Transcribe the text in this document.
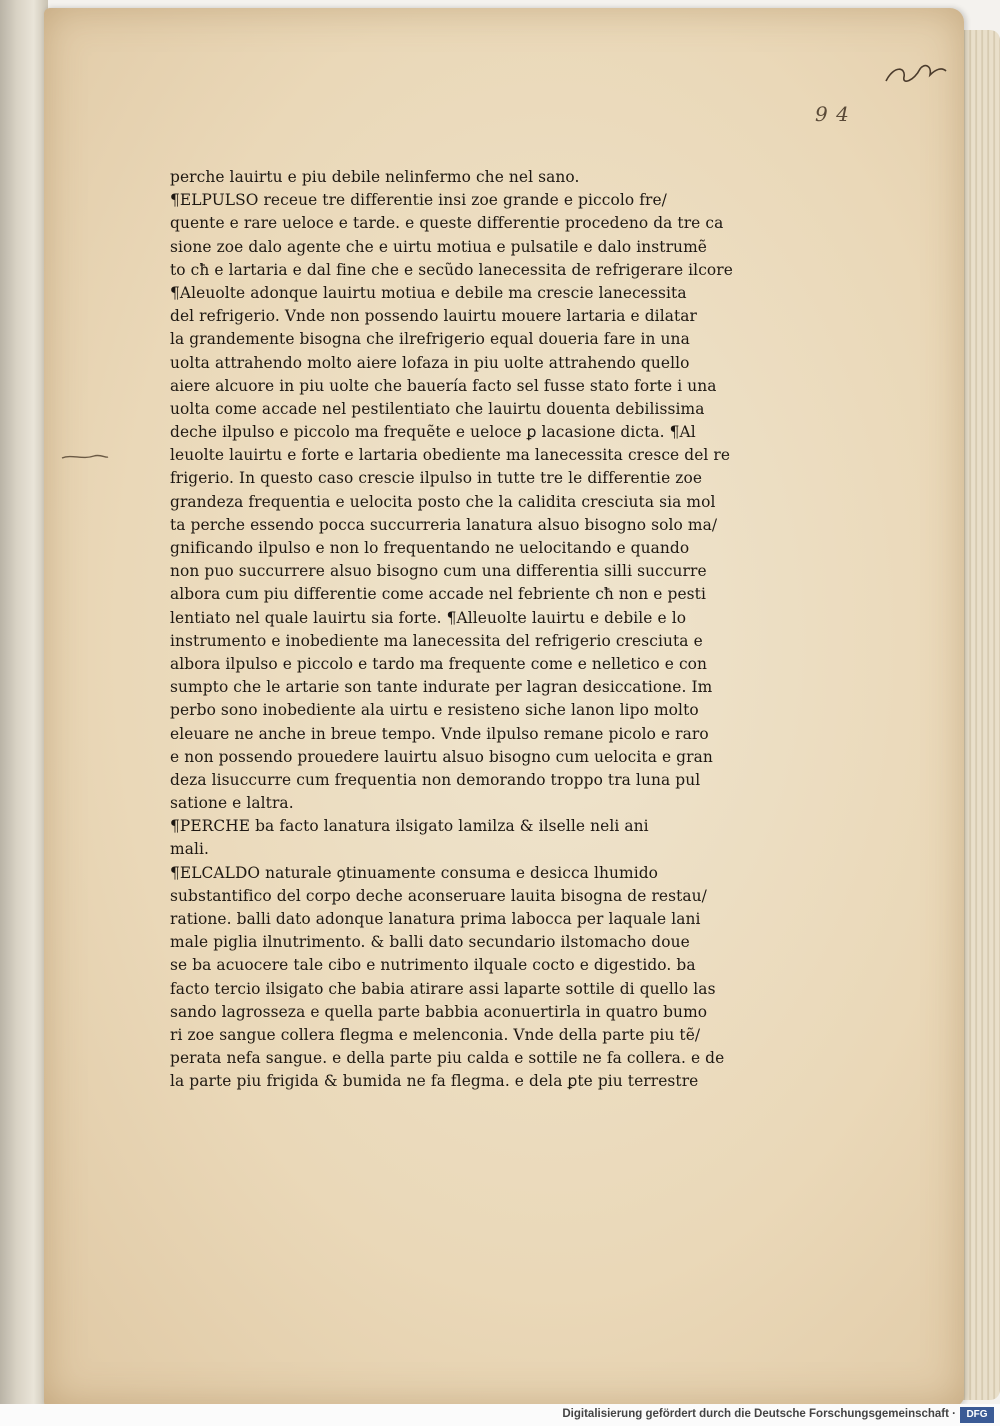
9 4
perche lauirtu e piu debile nelinfermo che nel sano.
¶ELPULSO receue tre differentie insi zoe grande e piccolo fre/
quente e rare ueloce e tarde. e queste differentie procedeno da tre ca
sione zoe dalo agente che e uirtu motiua e pulsatile e dalo instrumẽ
to cħ e lartaria e dal fine che e secũdo lanecessita de refrigerare ilcore
¶Aleuolte adonque lauirtu motiua e debile ma crescie lanecessita
del refrigerio. Vnde non possendo lauirtu mouere lartaria e dilatar
la grandemente bisogna che ilrefrigerio equal doueria fare in una
uolta attrahendo molto aiere lofaza in piu uolte attrahendo quello
aiere alcuore in piu uolte che bauería facto sel fusse stato forte i una
uolta come accade nel pestilentiato che lauirtu douenta debilissima
deche ilpulso e piccolo ma frequẽte e ueloce ꝑ lacasione dicta. ¶Al
leuolte lauirtu e forte e lartaria obediente ma lanecessita cresce del re
frigerio. In questo caso crescie ilpulso in tutte tre le differentie zoe
grandeza frequentia e uelocita posto che la calidita cresciuta sia mol
ta perche essendo pocca succurreria lanatura alsuo bisogno solo ma/
gnificando ilpulso e non lo frequentando ne uelocitando e quando
non puo succurrere alsuo bisogno cum una differentia silli succurre
albora cum piu differentie come accade nel febriente cħ non e pesti
lentiato nel quale lauirtu sia forte. ¶Alleuolte lauirtu e debile e lo
instrumento e inobediente ma lanecessita del refrigerio cresciuta e
albora ilpulso e piccolo e tardo ma frequente come e nelletico e con
sumpto che le artarie son tante indurate per lagran desiccatione. Im
perbo sono inobediente ala uirtu e resisteno siche lanon lipo molto
eleuare ne anche in breue tempo. Vnde ilpulso remane picolo e raro
e non possendo prouedere lauirtu alsuo bisogno cum uelocita e gran
deza lisuccurre cum frequentia non demorando troppo tra luna pul
satione e laltra.
¶PERCHE ba facto lanatura ilsigato lamilza & ilselle neli ani
mali.
¶ELCALDO naturale ꝯtinuamente consuma e desicca lhumido
substantifico del corpo deche aconseruare lauita bisogna de restau/
ratione. balli dato adonque lanatura prima labocca per laquale lani
male piglia ilnutrimento. & balli dato secundario ilstomacho doue
se ba acuocere tale cibo e nutrimento ilquale cocto e digestido. ba
facto tercio ilsigato che babia atirare assi laparte sottile di quello las
sando lagrosseza e quella parte babbia aconuertirla in quatro bumo
ri zoe sangue collera flegma e melenconia. Vnde della parte piu tẽ/
perata nefa sangue. e della parte piu calda e sottile ne fa collera. e de
la parte piu frigida & bumida ne fa flegma. e dela ꝑte piu terrestre
Digitalisierung gefördert durch die Deutsche Forschungsgemeinschaft ·	DFG
